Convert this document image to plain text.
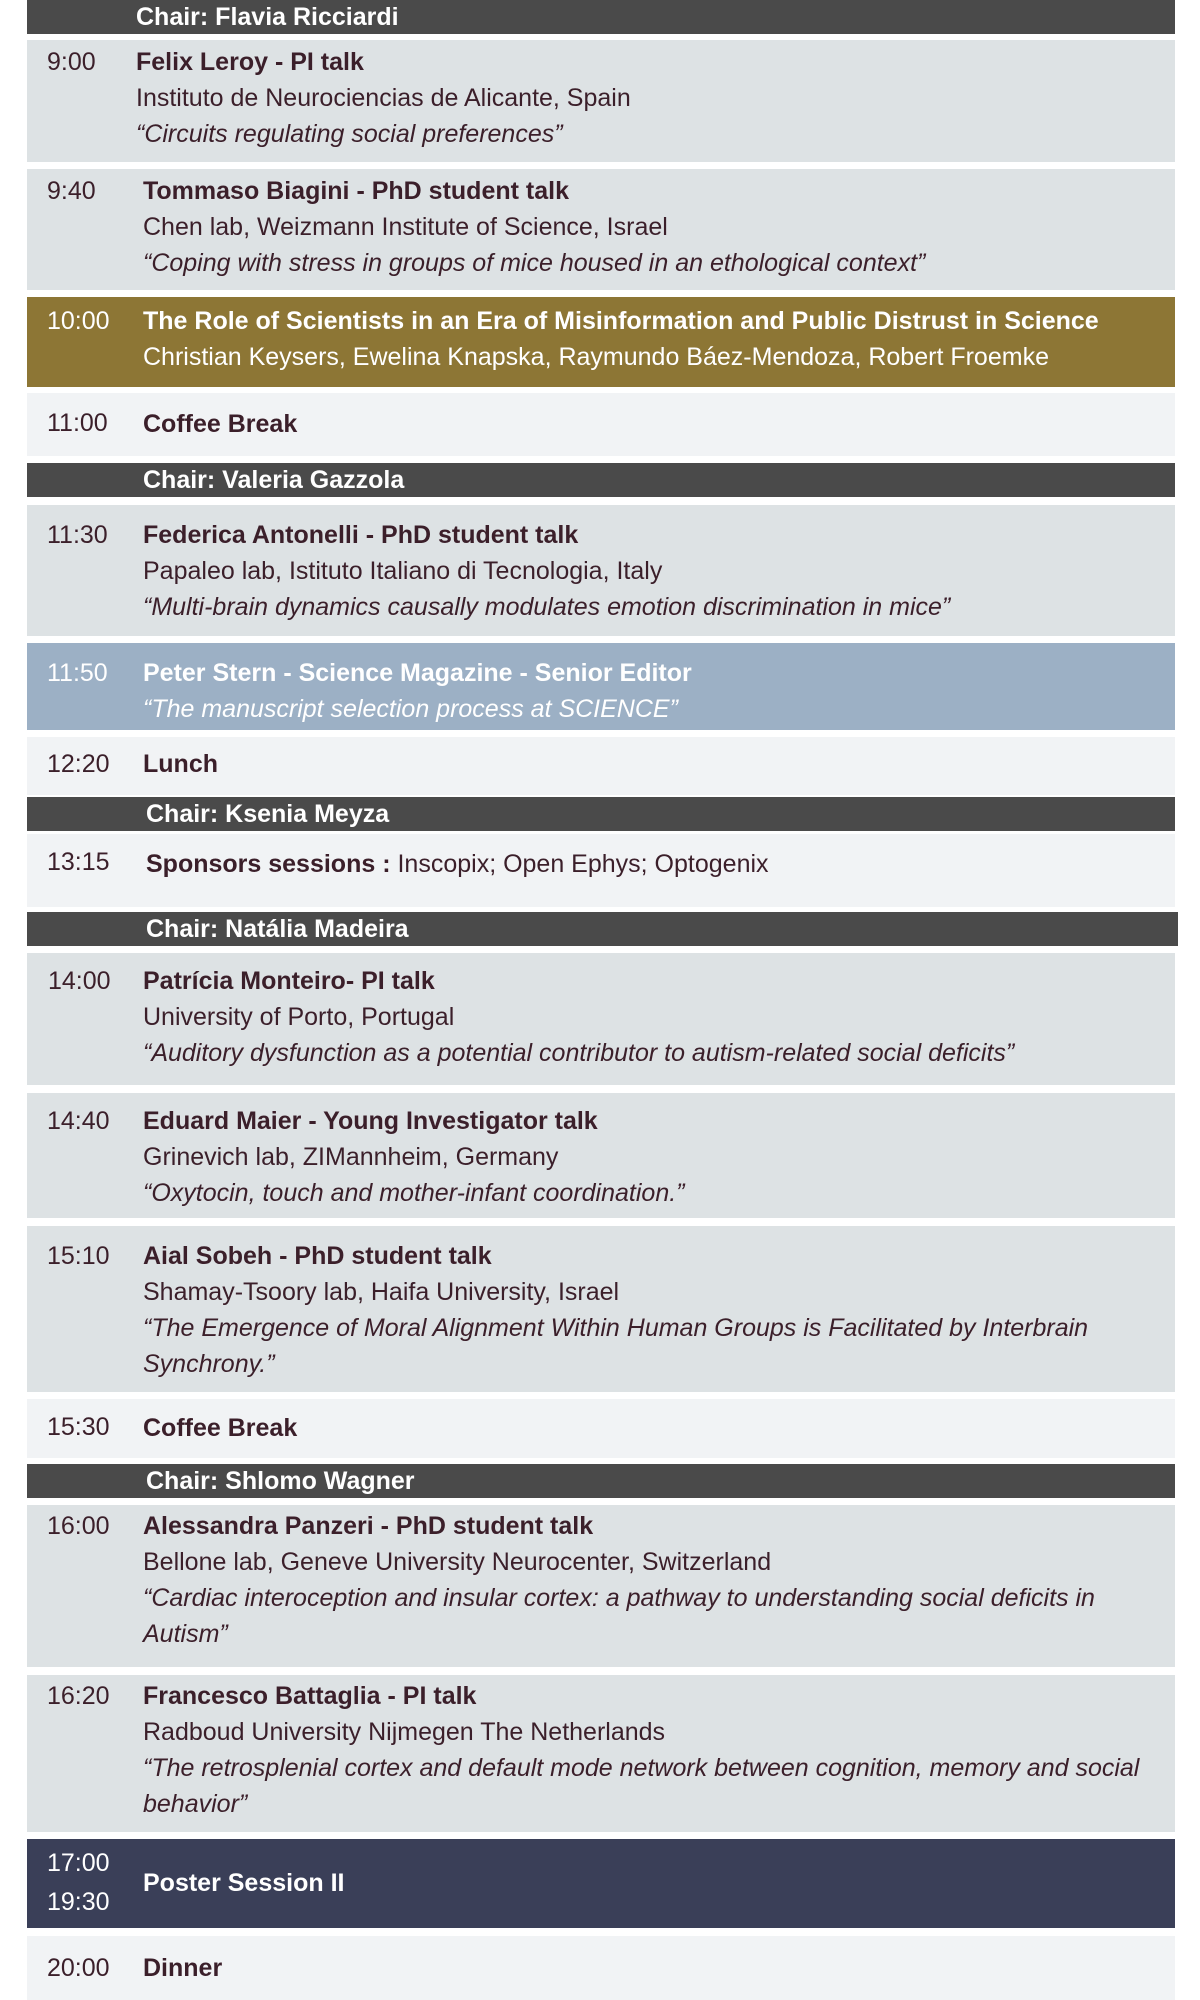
Chair: Flavia Ricciardi
9:00 Felix Leroy - PI talk
Instituto de Neurociencias de Alicante, Spain
“Circuits regulating social preferences”
9:40 Tommaso Biagini - PhD student talk
Chen lab, Weizmann Institute of Science, Israel
“Coping with stress in groups of mice housed in an ethological context”
10:00 The Role of Scientists in an Era of Misinformation and Public Distrust in Science
Christian Keysers, Ewelina Knapska, Raymundo Báez-Mendoza, Robert Froemke
11:00 Coffee Break
Chair: Valeria Gazzola
11:30 Federica Antonelli - PhD student talk
Papaleo lab, Istituto Italiano di Tecnologia, Italy
“Multi-brain dynamics causally modulates emotion discrimination in mice”
11:50 Peter Stern - Science Magazine - Senior Editor
“The manuscript selection process at SCIENCE”
12:20 Lunch
Chair: Ksenia Meyza
13:15 Sponsors sessions : Inscopix; Open Ephys; Optogenix
Chair: Natália Madeira
14:00 Patrícia Monteiro- PI talk
University of Porto, Portugal
“Auditory dysfunction as a potential contributor to autism-related social deficits”
14:40 Eduard Maier - Young Investigator talk
Grinevich lab, ZIMannheim, Germany
“Oxytocin, touch and mother-infant coordination.”
15:10 Aial Sobeh - PhD student talk
Shamay-Tsoory lab, Haifa University, Israel
“The Emergence of Moral Alignment Within Human Groups is Facilitated by Interbrain Synchrony.”
15:30 Coffee Break
Chair: Shlomo Wagner
16:00 Alessandra Panzeri - PhD student talk
Bellone lab, Geneve University Neurocenter, Switzerland
“Cardiac interoception and insular cortex: a pathway to understanding social deficits in Autism”
16:20 Francesco Battaglia - PI talk
Radboud University Nijmegen The Netherlands
“The retrosplenial cortex and default mode network between cognition, memory and social behavior”
17:00
19:30
Poster Session II
20:00 Dinner
